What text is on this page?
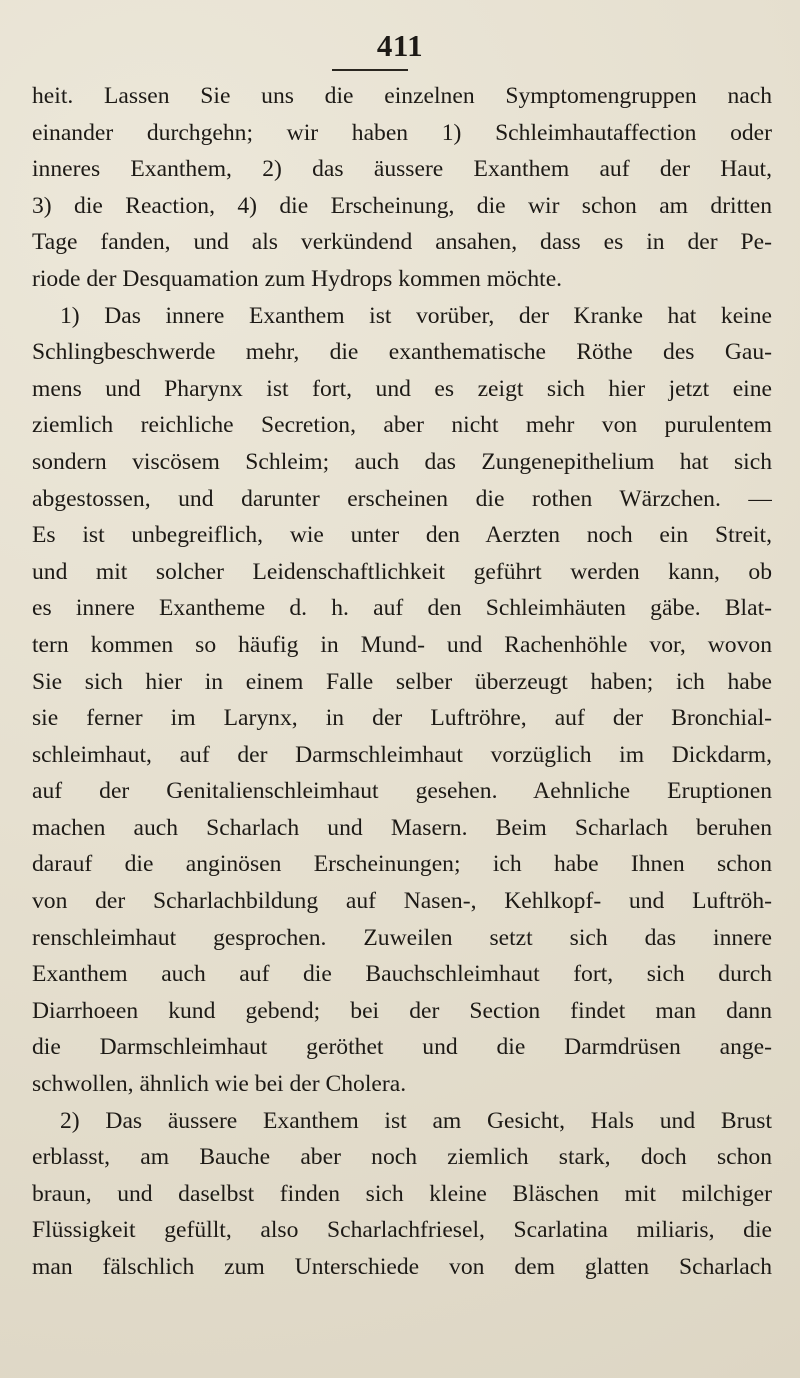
411
heit. Lassen Sie uns die einzelnen Symptomengruppen nach
einander durchgehn; wir haben 1) Schleimhautaffection oder
inneres Exanthem, 2) das äussere Exanthem auf der Haut,
3) die Reaction, 4) die Erscheinung, die wir schon am dritten
Tage fanden, und als verkündend ansahen, dass es in der Pe-
riode der Desquamation zum Hydrops kommen möchte.
1) Das innere Exanthem ist vorüber, der Kranke hat keine
Schlingbeschwerde mehr, die exanthematische Röthe des Gau-
mens und Pharynx ist fort, und es zeigt sich hier jetzt eine
ziemlich reichliche Secretion, aber nicht mehr von purulentem
sondern viscösem Schleim; auch das Zungenepithelium hat sich
abgestossen, und darunter erscheinen die rothen Wärzchen. —
Es ist unbegreiflich, wie unter den Aerzten noch ein Streit,
und mit solcher Leidenschaftlichkeit geführt werden kann, ob
es innere Exantheme d. h. auf den Schleimhäuten gäbe. Blat-
tern kommen so häufig in Mund- und Rachenhöhle vor, wovon
Sie sich hier in einem Falle selber überzeugt haben; ich habe
sie ferner im Larynx, in der Luftröhre, auf der Bronchial-
schleimhaut, auf der Darmschleimhaut vorzüglich im Dickdarm,
auf der Genitalienschleimhaut gesehen. Aehnliche Eruptionen
machen auch Scharlach und Masern. Beim Scharlach beruhen
darauf die anginösen Erscheinungen; ich habe Ihnen schon
von der Scharlachbildung auf Nasen-, Kehlkopf- und Luftröh-
renschleimhaut gesprochen. Zuweilen setzt sich das innere
Exanthem auch auf die Bauchschleimhaut fort, sich durch
Diarrhoeen kund gebend; bei der Section findet man dann
die Darmschleimhaut geröthet und die Darmdrüsen ange-
schwollen, ähnlich wie bei der Cholera.
2) Das äussere Exanthem ist am Gesicht, Hals und Brust
erblasst, am Bauche aber noch ziemlich stark, doch schon
braun, und daselbst finden sich kleine Bläschen mit milchiger
Flüssigkeit gefüllt, also Scharlachfriesel, Scarlatina miliaris, die
man fälschlich zum Unterschiede von dem glatten Scharlach
